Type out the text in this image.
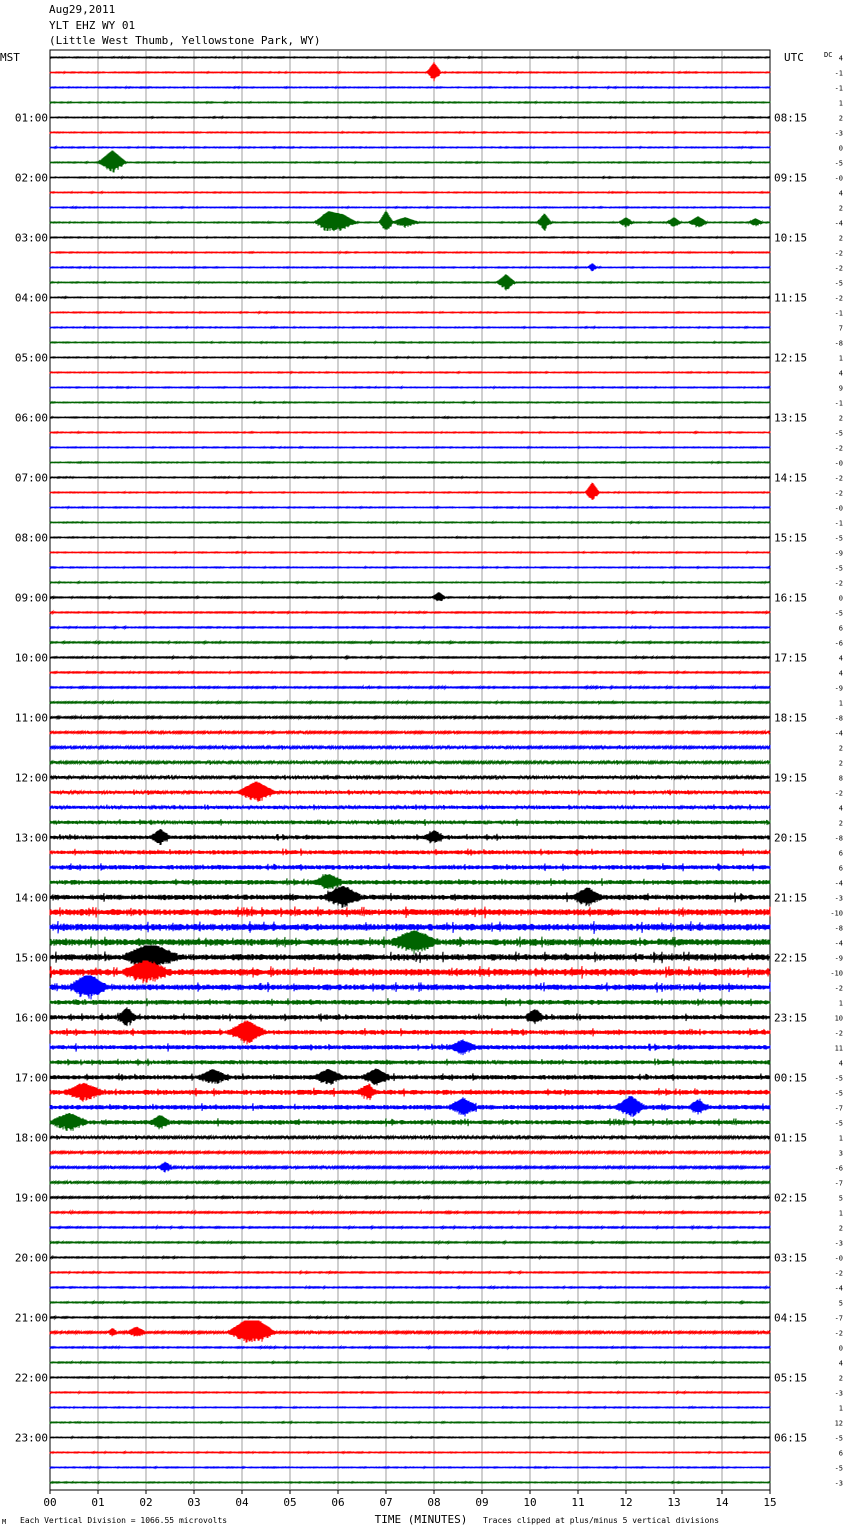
Aug29,2011
YLT EHZ WY 01
(Little West Thumb, Yellowstone Park, WY)
MST	UTC	DC
01:00	08:15
02:00	09:15
03:00	10:15
04:00	11:15
05:00	12:15
06:00	13:15
07:00	14:15
08:00	15:15
09:00	16:15
10:00	17:15
11:00	18:15
12:00	19:15
13:00	20:15
14:00	21:15
15:00	22:15
16:00	23:15
17:00	00:15
18:00	01:15
19:00	02:15
20:00	03:15
21:00	04:15
22:00	05:15
23:00	06:15
4
-1
-1
1
2
-3
0
-5
-0
4
2
-4
2
-2
-2
-5
-2
-1
7
-8
1
4
9
-1
2
-5
-2
-0
-2
-2
-0
-1
-5
-9
-5
-2
0
-5
6
-6
4
4
-9
1
-8
-4
2
2
8
-2
4
2
-8
6
6
-4
-3
-10
-8
-4
-9
-10
-2
1
10
-2
11
4
-5
-5
-7
-5
1
3
-6
-7
5
1
2
-3
-0
-2
-4
5
-7
-2
0
4
2
-3
1
12
-5
6
-5
-3
00	01	02	03	04	05	06	07	08	09	10	11	12	13	14	15
TIME (MINUTES)
M Each Vertical Division = 1066.55 microvolts	Traces clipped at plus/minus 5 vertical divisions
